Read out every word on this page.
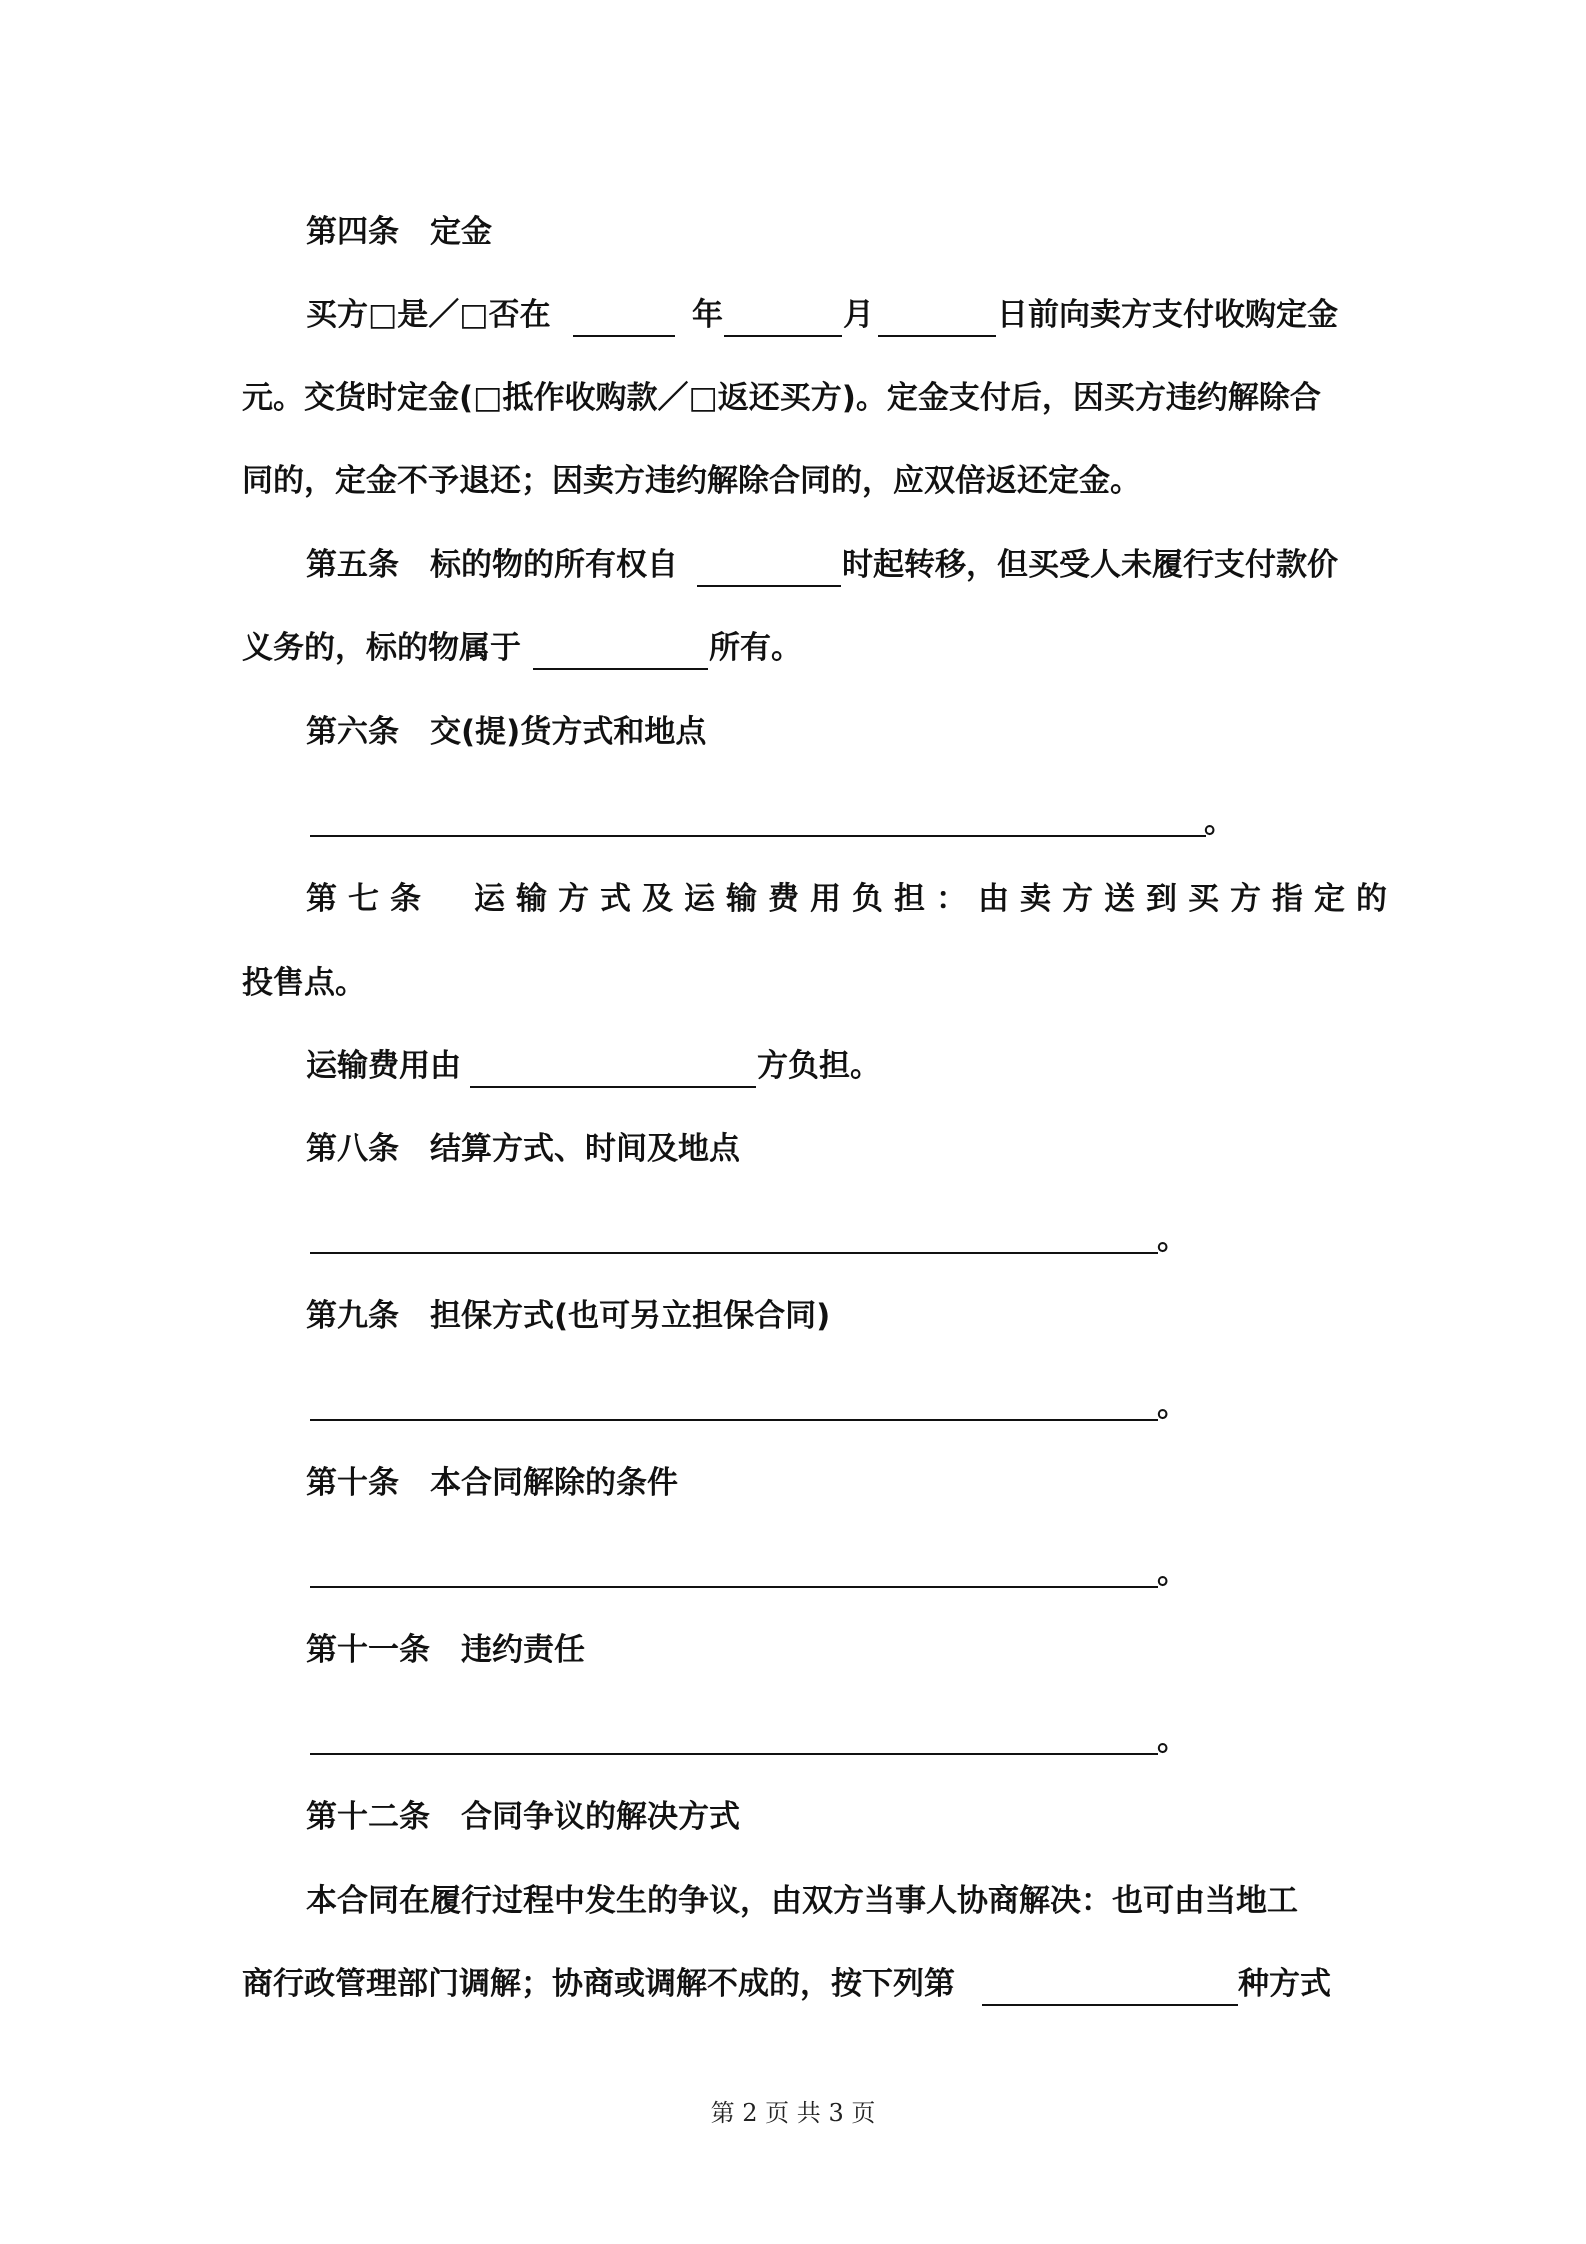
第四条　定金
买方□是／□否在	年	月	日前向卖方支付收购定金
元。交货时定金(□抵作收购款／□返还买方)。定金支付后，因买方违约解除合
同的，定金不予退还；因卖方违约解除合同的，应双倍返还定金。
第五条　标的物的所有权自	时起转移，但买受人未履行支付款价
义务的，标的物属于	所有。
第六条　交(提)货方式和地点
。
第七条　运输方式及运输费用负担：由卖方送到买方指定的
投售点。
运输费用由	方负担。
第八条　结算方式、时间及地点
。
第九条　担保方式(也可另立担保合同)
。
第十条　本合同解除的条件
。
第十一条　违约责任
。
第十二条　合同争议的解决方式
本合同在履行过程中发生的争议，由双方当事人协商解决：也可由当地工
商行政管理部门调解；协商或调解不成的，按下列第	种方式
第 2 页 共 3 页
